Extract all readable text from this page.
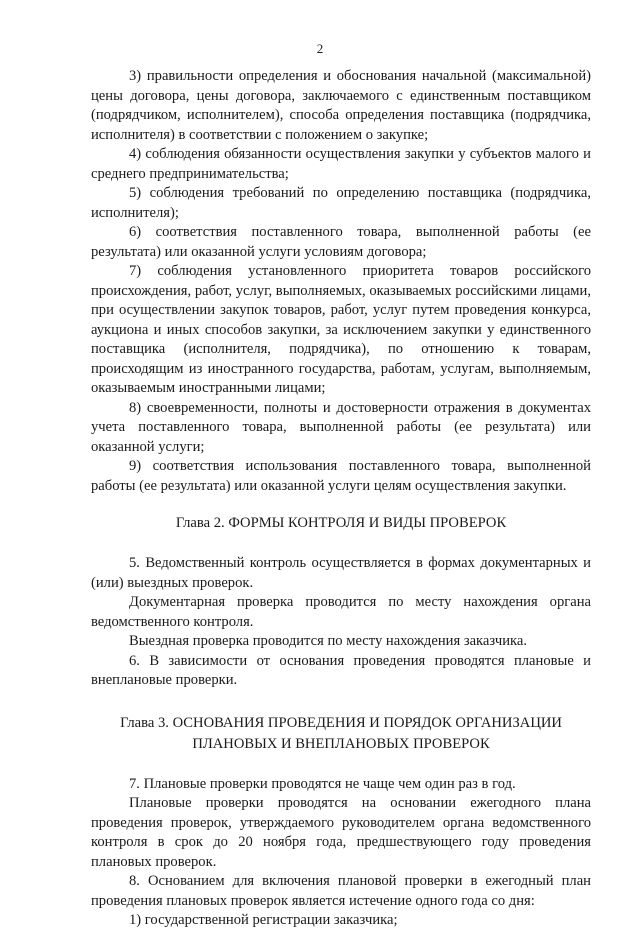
2

3) правильности определения и обоснования начальной (максимальной) цены договора, цены договора, заключаемого с единственным поставщиком (подрядчиком, исполнителем), способа определения поставщика (подрядчика, исполнителя) в соответствии с положением о закупке;

4) соблюдения обязанности осуществления закупки у субъектов малого и среднего предпринимательства;

5) соблюдения требований по определению поставщика (подрядчика, исполнителя);

6) соответствия поставленного товара, выполненной работы (ее результата) или оказанной услуги условиям договора;

7) соблюдения установленного приоритета товаров российского происхождения, работ, услуг, выполняемых, оказываемых российскими лицами, при осуществлении закупок товаров, работ, услуг путем проведения конкурса, аукциона и иных способов закупки, за исключением закупки у единственного поставщика (исполнителя, подрядчика), по отношению к товарам, происходящим из иностранного государства, работам, услугам, выполняемым, оказываемым иностранными лицами;

8) своевременности, полноты и достоверности отражения в документах учета поставленного товара, выполненной работы (ее результата) или оказанной услуги;

9) соответствия использования поставленного товара, выполненной работы (ее результата) или оказанной услуги целям осуществления закупки.

Глава 2. ФОРМЫ КОНТРОЛЯ И ВИДЫ ПРОВЕРОК

5. Ведомственный контроль осуществляется в формах документарных и (или) выездных проверок.

Документарная проверка проводится по месту нахождения органа ведомственного контроля.

Выездная проверка проводится по месту нахождения заказчика.

6. В зависимости от основания проведения проводятся плановые и внеплановые проверки.

Глава 3. ОСНОВАНИЯ ПРОВЕДЕНИЯ И ПОРЯДОК ОРГАНИЗАЦИИ
ПЛАНОВЫХ И ВНЕПЛАНОВЫХ ПРОВЕРОК

7. Плановые проверки проводятся не чаще чем один раз в год.

Плановые проверки проводятся на основании ежегодного плана проведения проверок, утверждаемого руководителем органа ведомственного контроля в срок до 20 ноября года, предшествующего году проведения плановых проверок.

8. Основанием для включения плановой проверки в ежегодный план проведения плановых проверок является истечение одного года со дня:

1) государственной регистрации заказчика;
